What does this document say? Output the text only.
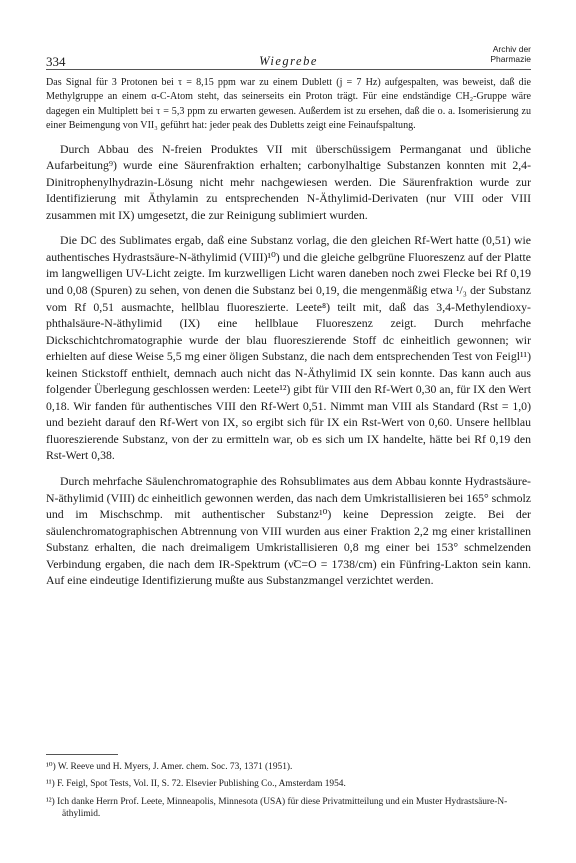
334	Wiegrebe
Archiv der
Pharmazie

Das Signal für 3 Protonen bei τ = 8,15 ppm war zu einem Dublett (j = 7 Hz) aufgespalten, was beweist, daß die Methylgruppe an einem α-C-Atom steht, das seinerseits ein Proton trägt. Für eine endständige CH₂-Gruppe wäre dagegen ein Multiplett bei τ = 5,3 ppm zu erwarten gewesen. Außerdem ist zu ersehen, daß die o. a. Isomerisierung zu einer Beimengung von VII₃ geführt hat: jeder peak des Dubletts zeigt eine Feinaufspaltung.

Durch Abbau des N-freien Produktes VII mit überschüssigem Permanganat und übliche Aufarbeitung⁹) wurde eine Säurenfraktion erhalten; carbonylhaltige Substanzen konnten mit 2,4-Dinitrophenylhydrazin-Lösung nicht mehr nachgewiesen werden. Die Säurenfraktion wurde zur Identifizierung mit Äthylamin zu entsprechenden N-Äthylimid-Derivaten (nur VIII oder VIII zusammen mit IX) umgesetzt, die zur Reinigung sublimiert wurden.

Die DC des Sublimates ergab, daß eine Substanz vorlag, die den gleichen Rf-Wert hatte (0,51) wie authentisches Hydrastsäure-N-äthylimid (VIII)¹⁰) und die gleiche gelbgrüne Fluoreszenz auf der Platte im langwelligen UV-Licht zeigte. Im kurzwelligen Licht waren daneben noch zwei Flecke bei Rf 0,19 und 0,08 (Spuren) zu sehen, von denen die Substanz bei 0,19, die mengenmäßig etwa ¹/₃ der Substanz vom Rf 0,51 ausmachte, hellblau fluoreszierte. Leete⁸) teilt mit, daß das 3,4-Methylendioxy-phthalsäure-N-äthylimid (IX) eine hellblaue Fluoreszenz zeigt. Durch mehrfache Dickschichtchromatographie wurde der blau fluoreszierende Stoff dc einheitlich gewonnen; wir erhielten auf diese Weise 5,5 mg einer öligen Substanz, die nach dem entsprechenden Test von Feigl¹¹) keinen Stickstoff enthielt, demnach auch nicht das N-Äthylimid IX sein konnte. Das kann auch aus folgender Überlegung geschlossen werden: Leete¹²) gibt für VIII den Rf-Wert 0,30 an, für IX den Wert 0,18. Wir fanden für authentisches VIII den Rf-Wert 0,51. Nimmt man VIII als Standard (Rst = 1,0) und bezieht darauf den Rf-Wert von IX, so ergibt sich für IX ein Rst-Wert von 0,60. Unsere hellblau fluoreszierende Substanz, von der zu ermitteln war, ob es sich um IX handelte, hätte bei Rf 0,19 den Rst-Wert 0,38.

Durch mehrfache Säulenchromatographie des Rohsublimates aus dem Abbau konnte Hydrastsäure-N-äthylimid (VIII) dc einheitlich gewonnen werden, das nach dem Umkristallisieren bei 165° schmolz und im Mischschmp. mit authentischer Substanz¹⁰) keine Depression zeigte. Bei der säulenchromatographischen Abtrennung von VIII wurden aus einer Fraktion 2,2 mg einer kristallinen Substanz erhalten, die nach dreimaligem Umkristallisieren 0,8 mg einer bei 153° schmelzenden Verbindung ergaben, die nach dem IR-Spektrum (ν̃C=O = 1738/cm) ein Fünfring-Lakton sein kann. Auf eine eindeutige Identifizierung mußte aus Substanzmangel verzichtet werden.

¹⁰) W. Reeve und H. Myers, J. Amer. chem. Soc. 73, 1371 (1951).

¹¹) F. Feigl, Spot Tests, Vol. II, S. 72. Elsevier Publishing Co., Amsterdam 1954.

¹²) Ich danke Herrn Prof. Leete, Minneapolis, Minnesota (USA) für diese Privatmitteilung und ein Muster Hydrastsäure-N-äthylimid.
